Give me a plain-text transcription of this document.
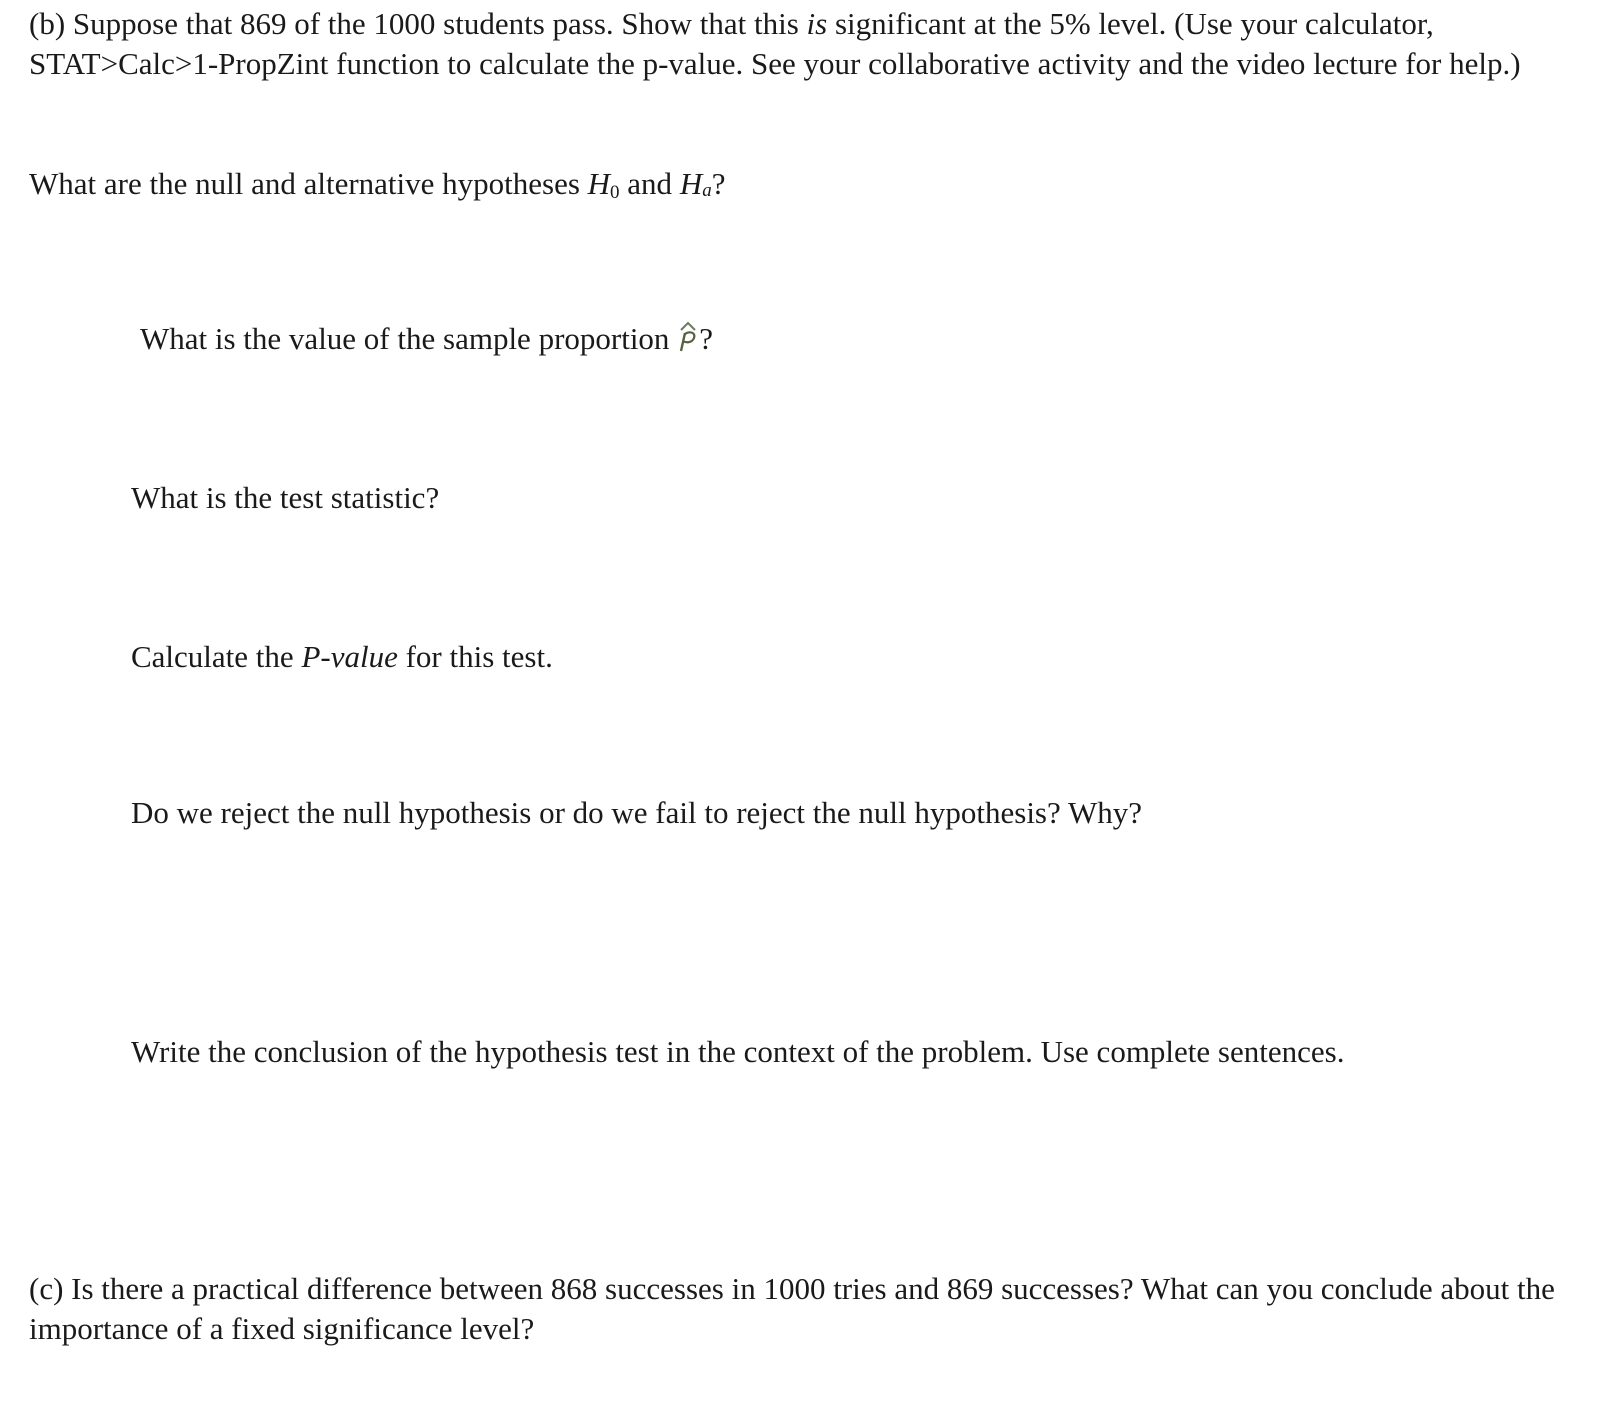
(b) Suppose that 869 of the 1000 students pass. Show that this is significant at the 5% level. (Use your calculator, STAT>Calc>1-PropZint function to calculate the p-value. See your collaborative activity and the video lecture for help.)

What are the null and alternative hypotheses H0 and Ha?

What is the value of the sample proportion
?

What is the test statistic?

Calculate the P-value for this test.

Do we reject the null hypothesis or do we fail to reject the null hypothesis? Why?

Write the conclusion of the hypothesis test in the context of the problem. Use complete sentences.

(c) Is there a practical difference between 868 successes in 1000 tries and 869 successes? What can you conclude about the importance of a fixed significance level?
